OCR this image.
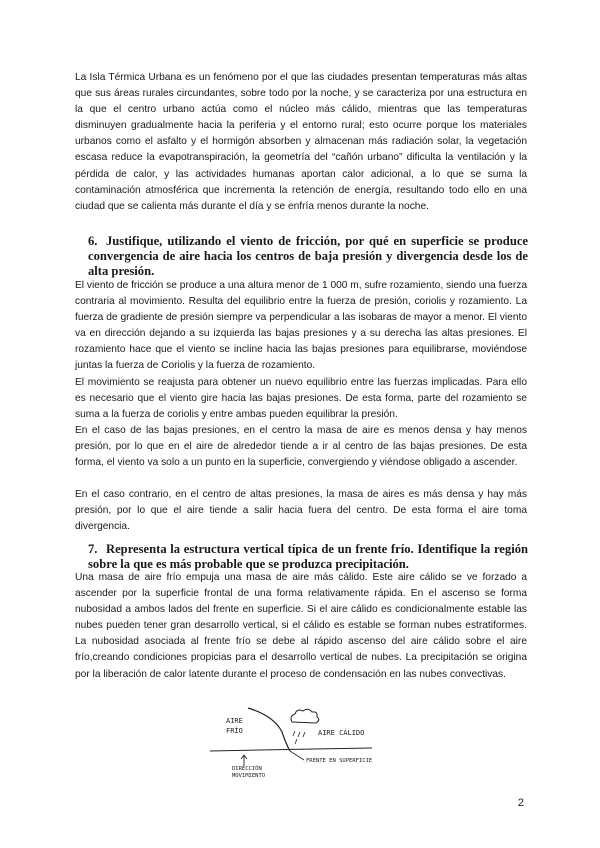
La Isla Térmica Urbana es un fenómeno por el que las ciudades presentan temperaturas más altas que sus áreas rurales circundantes, sobre todo por la noche, y se caracteriza por una estructura en la que el centro urbano actúa como el núcleo más cálido, mientras que las temperaturas disminuyen gradualmente hacia la periferia y el entorno rural; esto ocurre porque los materiales urbanos como el asfalto y el hormigón absorben y almacenan más radiación solar, la vegetación escasa reduce la evapotranspiración, la geometría del “cañón urbano” dificulta la ventilación y la pérdida de calor, y las actividades humanas aportan calor adicional, a lo que se suma la contaminación atmosférica que incrementa la retención de energía, resultando todo ello en una ciudad que se calienta más durante el día y se enfría menos durante la noche.

6. Justifique, utilizando el viento de fricción, por qué en superficie se produce convergencia de aire hacia los centros de baja presión y divergencia desde los de alta presión.

El viento de fricción se produce a una altura menor de 1 000 m, sufre rozamiento, siendo una fuerza contraria al movimiento. Resulta del equilibrio entre la fuerza de presión, coriolis y rozamiento. La fuerza de gradiente de presión siempre va perpendicular a las isobaras de mayor a menor. El viento va en dirección dejando a su izquierda las bajas presiones y a su derecha las altas presiones. El rozamiento hace que el viento se incline hacia las bajas presiones para equilibrarse, moviéndose juntas la fuerza de Coriolis y la fuerza de rozamiento.

El movimiento se reajusta para obtener un nuevo equilibrio entre las fuerzas implicadas. Para ello es necesario que el viento gire hacia las bajas presiones. De esta forma, parte del rozamiento se suma a la fuerza de coriolis y entre ambas pueden equilibrar la presión.

En el caso de las bajas presiones, en el centro la masa de aire es menos densa y hay menos presión, por lo que en el aire de alrededor tiende a ir al centro de las bajas presiones. De esta forma, el viento va solo a un punto en la superficie, convergiendo y viéndose obligado a ascender.

En el caso contrario, en el centro de altas presiones, la masa de aires es más densa y hay más presión, por lo que el aire tiende a salir hacia fuera del centro. De esta forma el aire toma divergencia.

7. Representa la estructura vertical típica de un frente frío. Identifique la región sobre la que es más probable que se produzca precipitación.

Una masa de aire frío empuja una masa de aire más cálido. Este aire cálido se ve forzado a ascender por la superficie frontal de una forma relativamente rápida. En el ascenso se forma nubosidad a ambos lados del frente en superficie. Si el aire cálido es condicionalmente estable las nubes pueden tener gran desarrollo vertical, si el cálido es estable se forman nubes estratiformes. La nubosidad asociada al frente frío se debe al rápido ascenso del aire cálido sobre el aire frío,creando condiciones propicias para el desarrollo vertical de nubes. La precipitación se origina por la liberación de calor latente durante el proceso de condensación en las nubes convectivas.

AIRE
FRÍO	AIRE CÁLIDO
DIRECCIÓN
MOVIMIENTO
FRENTE EN SUPERFICIE
2
